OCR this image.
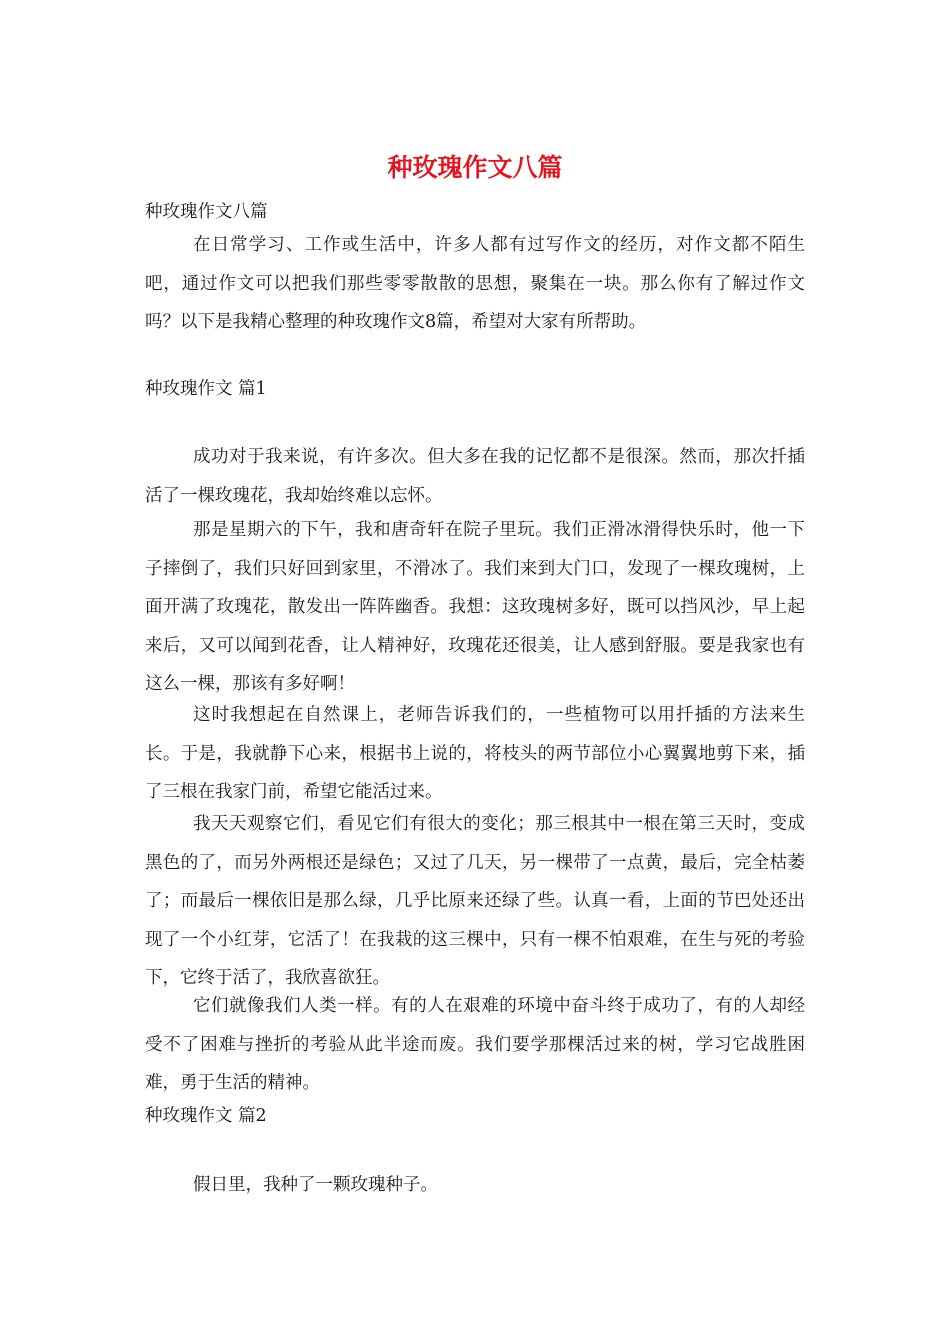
种玫瑰作文八篇

种玫瑰作文八篇

在日常学习、工作或生活中，许多人都有过写作文的经历，对作文都不陌生吧，通过作文可以把我们那些零零散散的思想，聚集在一块。那么你有了解过作文吗？以下是我精心整理的种玫瑰作文8篇，希望对大家有所帮助。

种玫瑰作文 篇1

成功对于我来说，有许多次。但大多在我的记忆都不是很深。然而，那次扦插活了一棵玫瑰花，我却始终难以忘怀。

那是星期六的下午，我和唐奇轩在院子里玩。我们正滑冰滑得快乐时，他一下子摔倒了，我们只好回到家里，不滑冰了。我们来到大门口，发现了一棵玫瑰树，上面开满了玫瑰花，散发出一阵阵幽香。我想：这玫瑰树多好，既可以挡风沙，早上起来后，又可以闻到花香，让人精神好，玫瑰花还很美，让人感到舒服。要是我家也有这么一棵，那该有多好啊！

这时我想起在自然课上，老师告诉我们的，一些植物可以用扦插的方法来生长。于是，我就静下心来，根据书上说的，将枝头的两节部位小心翼翼地剪下来，插了三根在我家门前，希望它能活过来。

我天天观察它们，看见它们有很大的变化；那三根其中一根在第三天时，变成黑色的了，而另外两根还是绿色；又过了几天，另一棵带了一点黄，最后，完全枯萎了；而最后一棵依旧是那么绿，几乎比原来还绿了些。认真一看，上面的节巴处还出现了一个小红芽，它活了！在我栽的这三棵中，只有一棵不怕艰难，在生与死的考验下，它终于活了，我欣喜欲狂。

它们就像我们人类一样。有的人在艰难的环境中奋斗终于成功了，有的人却经受不了困难与挫折的考验从此半途而废。我们要学那棵活过来的树，学习它战胜困难，勇于生活的精神。

种玫瑰作文 篇2

假日里，我种了一颗玫瑰种子。
